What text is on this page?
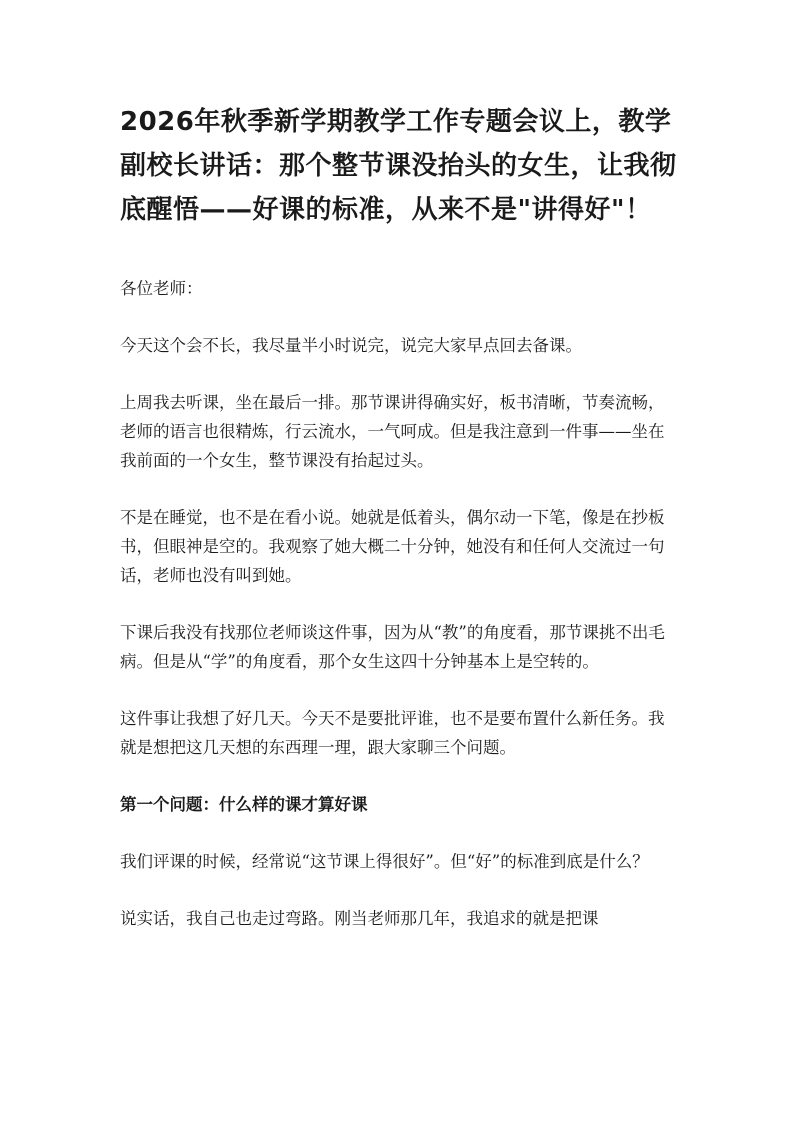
2026年秋季新学期教学工作专题会议上，教学副校长讲话：那个整节课没抬头的女生，让我彻底醒悟——好课的标准，从来不是"讲得好"！

各位老师：

今天这个会不长，我尽量半小时说完，说完大家早点回去备课。

上周我去听课，坐在最后一排。那节课讲得确实好，板书清晰，节奏流畅，老师的语言也很精炼，行云流水，一气呵成。但是我注意到一件事——坐在我前面的一个女生，整节课没有抬起过头。

不是在睡觉，也不是在看小说。她就是低着头，偶尔动一下笔，像是在抄板书，但眼神是空的。我观察了她大概二十分钟，她没有和任何人交流过一句话，老师也没有叫到她。

下课后我没有找那位老师谈这件事，因为从“教”的角度看，那节课挑不出毛病。但是从“学”的角度看，那个女生这四十分钟基本上是空转的。

这件事让我想了好几天。今天不是要批评谁，也不是要布置什么新任务。我就是想把这几天想的东西理一理，跟大家聊三个问题。

第一个问题：什么样的课才算好课

我们评课的时候，经常说“这节课上得很好”。但“好”的标准到底是什么？

说实话，我自己也走过弯路。刚当老师那几年，我追求的就是把课
